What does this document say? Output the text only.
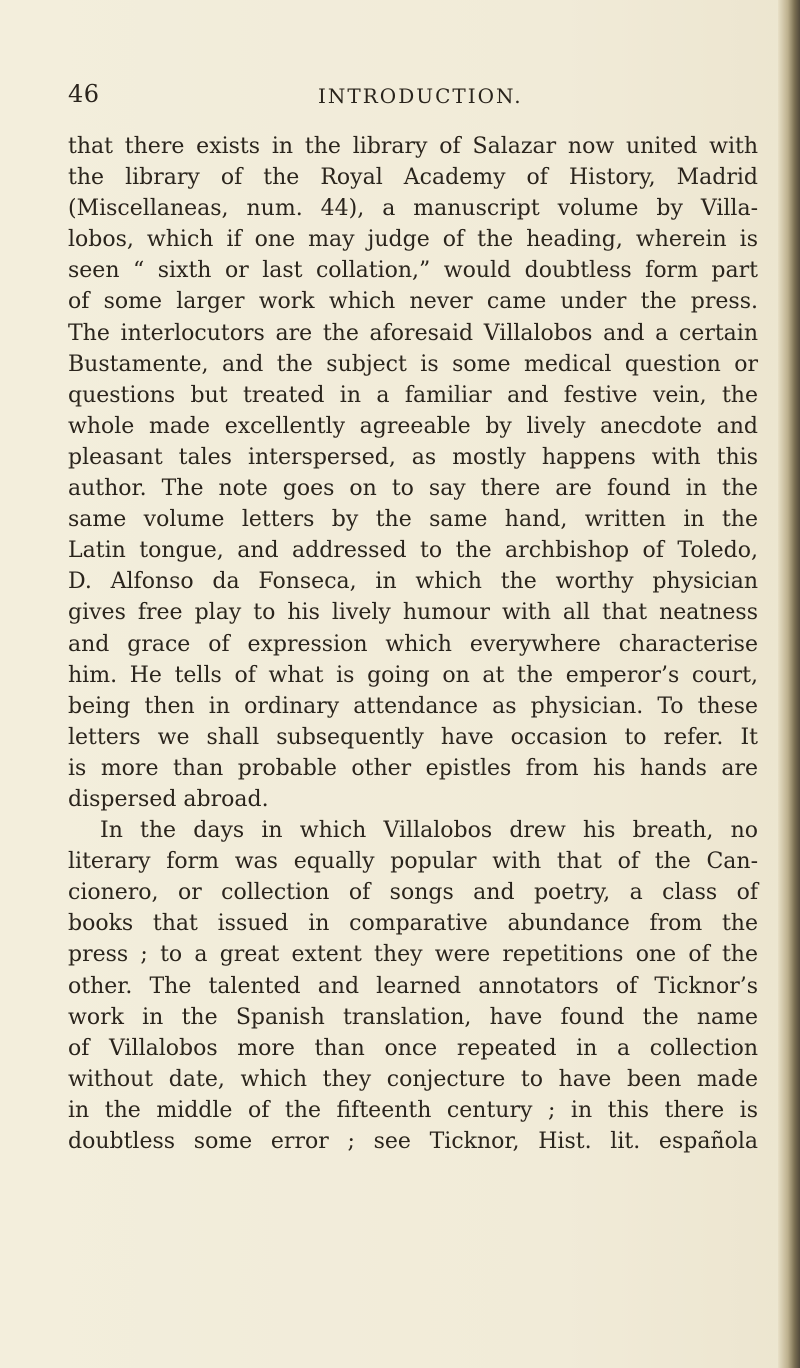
46	INTRODUCTION.

that there exists in the library of Salazar now united with

the library of the Royal Academy of History, Madrid

(Miscellaneas, num. 44), a manuscript volume by Villa-

lobos, which if one may judge of the heading, wherein is

seen “ sixth or last collation,” would doubtless form part

of some larger work which never came under the press.

The interlocutors are the aforesaid Villalobos and a certain

Bustamente, and the subject is some medical question or

questions but treated in a familiar and festive vein, the

whole made excellently agreeable by lively anecdote and

pleasant tales interspersed, as mostly happens with this

author. The note goes on to say there are found in the

same volume letters by the same hand, written in the

Latin tongue, and addressed to the archbishop of Toledo,

D. Alfonso da Fonseca, in which the worthy physician

gives free play to his lively humour with all that neatness

and grace of expression which everywhere characterise

him. He tells of what is going on at the emperor’s court,

being then in ordinary attendance as physician. To these

letters we shall subsequently have occasion to refer. It

is more than probable other epistles from his hands are

dispersed abroad.

In the days in which Villalobos drew his breath, no

literary form was equally popular with that of the Can-

cionero, or collection of songs and poetry, a class of

books that issued in comparative abundance from the

press ; to a great extent they were repetitions one of the

other. The talented and learned annotators of Ticknor’s

work in the Spanish translation, have found the name

of Villalobos more than once repeated in a collection

without date, which they conjecture to have been made

in the middle of the fifteenth century ; in this there is

doubtless some error ; see Ticknor, Hist. lit. española
